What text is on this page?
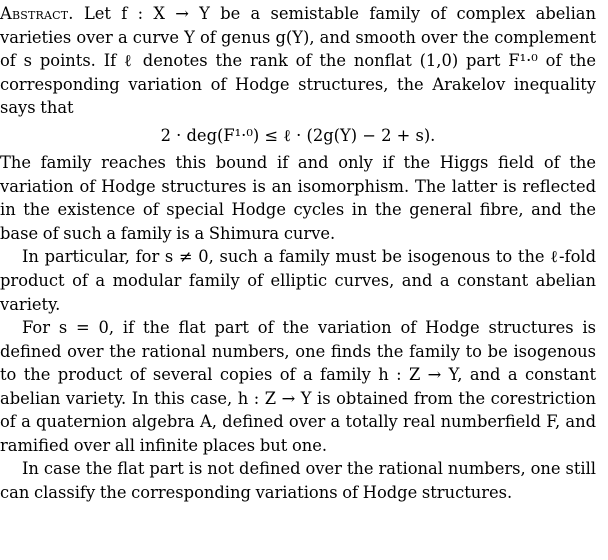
Abstract. Let f : X → Y be a semistable family of complex abelian varieties over a curve Y of genus g(Y), and smooth over the complement of s points. If ℓ denotes the rank of the nonflat (1,0) part F¹·⁰ of the corresponding variation of Hodge structures, the Arakelov inequality says that

2 · deg(F¹·⁰) ≤ ℓ · (2g(Y) − 2 + s).

The family reaches this bound if and only if the Higgs field of the variation of Hodge structures is an isomorphism. The latter is reflected in the existence of special Hodge cycles in the general fibre, and the base of such a family is a Shimura curve.

In particular, for s ≠ 0, such a family must be isogenous to the ℓ-fold product of a modular family of elliptic curves, and a constant abelian variety.

For s = 0, if the flat part of the variation of Hodge structures is defined over the rational numbers, one finds the family to be isogenous to the product of several copies of a family h : Z → Y, and a constant abelian variety. In this case, h : Z → Y is obtained from the corestriction of a quaternion algebra A, defined over a totally real numberfield F, and ramified over all infinite places but one.

In case the flat part is not defined over the rational numbers, one still can classify the corresponding variations of Hodge structures.
